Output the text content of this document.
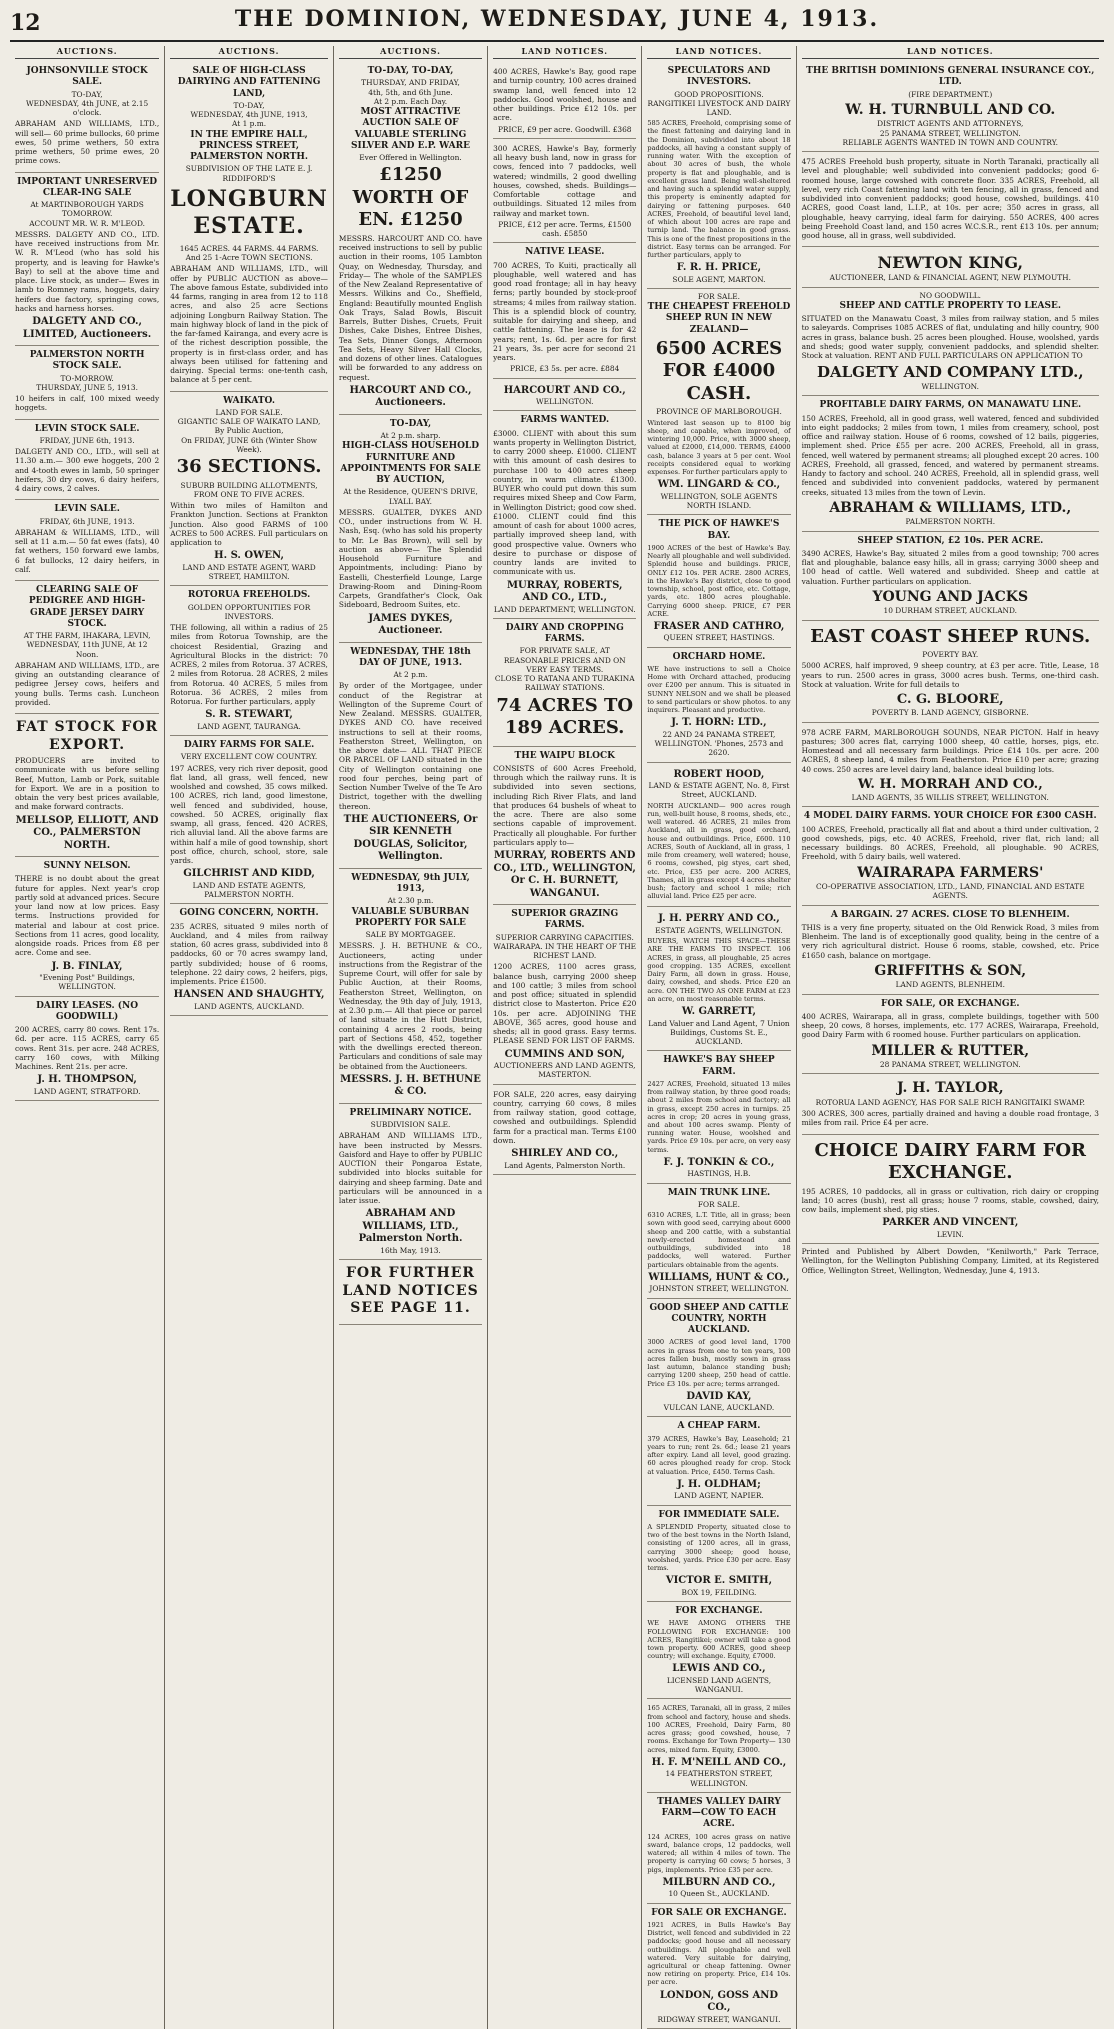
12	THE DOMINION, WEDNESDAY, JUNE 4, 1913.
AUCTIONS.
JOHNSONVILLE STOCK SALE.
TO-DAY,
WEDNESDAY, 4th JUNE, at 2.15 o'clock.

ABRAHAM AND WILLIAMS, LTD., will sell— 60 prime bullocks, 60 prime ewes, 50 prime wethers, 50 extra prime wethers, 50 prime ewes, 20 prime cows.

IMPORTANT UNRESERVED CLEAR-ING SALE
At MARTINBOROUGH YARDS TOMORROW.
ACCOUNT MR. W. R. M'LEOD.

MESSRS. DALGETY AND CO., LTD. have received instructions from Mr. W. R. M'Leod (who has sold his property, and is leaving for Hawke's Bay) to sell at the above time and place. Live stock, as under— Ewes in lamb to Romney rams, hoggets, dairy heifers due factory, springing cows, hacks and harness horses.

DALGETY AND CO., LIMITED, Auctioneers.
PALMERSTON NORTH STOCK SALE.
TO-MORROW.
THURSDAY, JUNE 5, 1913.

10 heifers in calf, 100 mixed weedy hoggets.

LEVIN STOCK SALE.
FRIDAY, JUNE 6th, 1913.

DALGETY AND CO., LTD., will sell at 11.30 a.m.— 300 ewe hoggets, 200 2 and 4-tooth ewes in lamb, 50 springer heifers, 30 dry cows, 6 dairy heifers, 4 dairy cows, 2 calves.

LEVIN SALE.
FRIDAY, 6th JUNE, 1913.

ABRAHAM & WILLIAMS, LTD., will sell at 11 a.m.— 50 fat ewes (fats), 40 fat wethers, 150 forward ewe lambs, 6 fat bullocks, 12 dairy heifers, in calf.

CLEARING SALE OF PEDIGREE AND HIGH-GRADE JERSEY DAIRY STOCK.
AT THE FARM, IHAKARA, LEVIN,
WEDNESDAY, 11th JUNE, At 12 Noon.

ABRAHAM AND WILLIAMS, LTD., are giving an outstanding clearance of pedigree Jersey cows, heifers and young bulls. Terms cash. Luncheon provided.

FAT STOCK FOR EXPORT.

PRODUCERS are invited to communicate with us before selling Beef, Mutton, Lamb or Pork, suitable for Export. We are in a position to obtain the very best prices available, and make forward contracts.

MELLSOP, ELLIOTT, AND CO., PALMERSTON NORTH.
SUNNY NELSON.

THERE is no doubt about the great future for apples. Next year's crop partly sold at advanced prices. Secure your land now at low prices. Easy terms. Instructions provided for material and labour at cost price. Sections from 11 acres, good locality, alongside roads. Prices from £8 per acre. Come and see.

J. B. FINLAY,
"Evening Post" Buildings, WELLINGTON.
DAIRY LEASES. (NO GOODWILL)

200 ACRES, carry 80 cows. Rent 17s. 6d. per acre. 115 ACRES, carry 65 cows. Rent 31s. per acre. 248 ACRES, carry 160 cows, with Milking Machines. Rent 21s. per acre.

J. H. THOMPSON,
LAND AGENT, STRATFORD.
AUCTIONS.
SALE OF HIGH-CLASS DAIRYING AND FATTENING LAND,
TO-DAY,
WEDNESDAY, 4th JUNE, 1913,
At 1 p.m.
IN THE EMPIRE HALL, PRINCESS STREET, PALMERSTON NORTH.
SUBDIVISION OF THE LATE E. J. RIDDIFORD'S
LONGBURN ESTATE.
1645 ACRES. 44 FARMS. 44 FARMS.
And 25 1-Acre TOWN SECTIONS.

ABRAHAM AND WILLIAMS, LTD., will offer by PUBLIC AUCTION as above— The above famous Estate, subdivided into 44 farms, ranging in area from 12 to 118 acres, and also 25 acre Sections adjoining Longburn Railway Station. The main highway block of land in the pick of the far-famed Kairanga, and every acre is of the richest description possible, the property is in first-class order, and has always been utilised for fattening and dairying. Special terms: one-tenth cash, balance at 5 per cent.

WAIKATO.
LAND FOR SALE.
GIGANTIC SALE OF WAIKATO LAND,
By Public Auction,
On FRIDAY, JUNE 6th (Winter Show Week).
36 SECTIONS.
SUBURB BUILDING ALLOTMENTS, FROM ONE TO FIVE ACRES.

Within two miles of Hamilton and Frankton Junction. Sections at Frankton Junction. Also good FARMS of 100 ACRES to 500 ACRES. Full particulars on application to

H. S. OWEN,
LAND AND ESTATE AGENT, WARD STREET, HAMILTON.
ROTORUA FREEHOLDS.
GOLDEN OPPORTUNITIES FOR INVESTORS.

THE following, all within a radius of 25 miles from Rotorua Township, are the choicest Residential, Grazing and Agricultural Blocks in the district: 70 ACRES, 2 miles from Rotorua. 37 ACRES, 2 miles from Rotorua. 28 ACRES, 2 miles from Rotorua. 40 ACRES, 5 miles from Rotorua. 36 ACRES, 2 miles from Rotorua. For further particulars, apply

S. R. STEWART,
LAND AGENT, TAURANGA.
DAIRY FARMS FOR SALE.
VERY EXCELLENT COW COUNTRY.

197 ACRES, very rich river deposit, good flat land, all grass, well fenced, new woolshed and cowshed, 35 cows milked. 100 ACRES, rich land, good limestone, well fenced and subdivided, house, cowshed. 50 ACRES, originally flax swamp, all grass, fenced. 420 ACRES, rich alluvial land. All the above farms are within half a mile of good township, short post office, church, school, store, sale yards.

GILCHRIST AND KIDD,
LAND AND ESTATE AGENTS, PALMERSTON NORTH.
GOING CONCERN, NORTH.

235 ACRES, situated 9 miles north of Auckland, and 4 miles from railway station, 60 acres grass, subdivided into 8 paddocks, 60 or 70 acres swampy land, partly subdivided; house of 6 rooms, telephone. 22 dairy cows, 2 heifers, pigs, implements. Price £1500.

HANSEN AND SHAUGHTY,
LAND AGENTS, AUCKLAND.
AUCTIONS.
TO-DAY, TO-DAY,
THURSDAY, AND FRIDAY,
4th, 5th, and 6th June.
At 2 p.m. Each Day.
MOST ATTRACTIVE AUCTION SALE OF VALUABLE STERLING SILVER AND E.P. WARE
Ever Offered in Wellington.
£1250 WORTH OF EN. £1250

MESSRS. HARCOURT AND CO. have received instructions to sell by public auction in their rooms, 105 Lambton Quay, on Wednesday, Thursday, and Friday— The whole of the SAMPLES of the New Zealand Representative of Messrs. Wilkins and Co., Sheffield, England: Beautifully mounted English Oak Trays, Salad Bowls, Biscuit Barrels, Butter Dishes, Cruets, Fruit Dishes, Cake Dishes, Entree Dishes, Tea Sets, Dinner Gongs, Afternoon Tea Sets, Heavy Silver Hall Clocks, and dozens of other lines. Catalogues will be forwarded to any address on request.

HARCOURT AND CO., Auctioneers.
TO-DAY,
At 2 p.m. sharp.
HIGH-CLASS HOUSEHOLD FURNITURE AND APPOINTMENTS FOR SALE BY AUCTION,
At the Residence, QUEEN'S DRIVE, LYALL BAY.

MESSRS. GUALTER, DYKES AND CO., under instructions from W. H. Nash, Esq. (who has sold his property to Mr. Le Bas Brown), will sell by auction as above— The Splendid Household Furniture and Appointments, including: Piano by Eastelli, Chesterfield Lounge, Large Drawing-Room and Dining-Room Carpets, Grandfather's Clock, Oak Sideboard, Bedroom Suites, etc.

JAMES DYKES, Auctioneer.
WEDNESDAY, THE 18th DAY OF JUNE, 1913.
At 2 p.m.

By order of the Mortgagee, under conduct of the Registrar at Wellington of the Supreme Court of New Zealand. MESSRS. GUALTER, DYKES AND CO. have received instructions to sell at their rooms, Featherston Street, Wellington, on the above date— ALL THAT PIECE OR PARCEL OF LAND situated in the City of Wellington containing one rood four perches, being part of Section Number Twelve of the Te Aro District, together with the dwelling thereon.

THE AUCTIONEERS, Or SIR KENNETH DOUGLAS, Solicitor, Wellington.
WEDNESDAY, 9th JULY, 1913,
At 2.30 p.m.
VALUABLE SUBURBAN PROPERTY FOR SALE
SALE BY MORTGAGEE.

MESSRS. J. H. BETHUNE & CO., Auctioneers, acting under instructions from the Registrar of the Supreme Court, will offer for sale by Public Auction, at their Rooms, Featherston Street, Wellington, on Wednesday, the 9th day of July, 1913, at 2.30 p.m.— All that piece or parcel of land situate in the Hutt District, containing 4 acres 2 roods, being part of Sections 458, 452, together with the dwellings erected thereon. Particulars and conditions of sale may be obtained from the Auctioneers.

MESSRS. J. H. BETHUNE & CO.
PRELIMINARY NOTICE.
SUBDIVISION SALE.

ABRAHAM AND WILLIAMS LTD., have been instructed by Messrs. Gaisford and Haye to offer by PUBLIC AUCTION their Pongaroa Estate, subdivided into blocks suitable for dairying and sheep farming. Date and particulars will be announced in a later issue.

ABRAHAM AND WILLIAMS, LTD., Palmerston North.
16th May, 1913.
FOR FURTHER LAND NOTICES SEE PAGE 11.
LAND NOTICES.

400 ACRES, Hawke's Bay, good rape and turnip country, 100 acres drained swamp land, well fenced into 12 paddocks. Good woolshed, house and other buildings. Price £12 10s. per acre.

PRICE, £9 per acre. Goodwill. £368

300 ACRES, Hawke's Bay, formerly all heavy bush land, now in grass for cows, fenced into 7 paddocks, well watered; windmills, 2 good dwelling houses, cowshed, sheds. Buildings— Comfortable cottage and outbuildings. Situated 12 miles from railway and market town.

PRICE, £12 per acre. Terms, £1500 cash. £5850
NATIVE LEASE.

700 ACRES, To Kuiti, practically all ploughable, well watered and has good road frontage; all in hay heavy ferns; partly bounded by stock-proof streams; 4 miles from railway station. This is a splendid block of country, suitable for dairying and sheep, and cattle fattening. The lease is for 42 years; rent, 1s. 6d. per acre for first 21 years, 3s. per acre for second 21 years.

PRICE, £3 5s. per acre. £884
HARCOURT AND CO.,
WELLINGTON.
FARMS WANTED.

£3000. CLIENT with about this sum wants property in Wellington District, to carry 2000 sheep. £1000. CLIENT with this amount of cash desires to purchase 100 to 400 acres sheep country, in warm climate. £1300. BUYER who could put down this sum requires mixed Sheep and Cow Farm, in Wellington District; good cow shed. £1000. CLIENT could find this amount of cash for about 1000 acres, partially improved sheep land, with good prospective value. Owners who desire to purchase or dispose of country lands are invited to communicate with us.

MURRAY, ROBERTS, AND CO., LTD.,
LAND DEPARTMENT, WELLINGTON.
DAIRY AND CROPPING FARMS.
FOR PRIVATE SALE, AT REASONABLE PRICES AND ON VERY EASY TERMS.
CLOSE TO RATANA AND TURAKINA RAILWAY STATIONS.
74 ACRES TO 189 ACRES.
THE WAIPU BLOCK

CONSISTS of 600 Acres Freehold, through which the railway runs. It is subdivided into seven sections, including Rich River Flats, and land that produces 64 bushels of wheat to the acre. There are also some sections capable of improvement. Practically all ploughable. For further particulars apply to—

MURRAY, ROBERTS AND CO., LTD., WELLINGTON, Or C. H. BURNETT, WANGANUI.
SUPERIOR GRAZING FARMS.
SUPERIOR CARRYING CAPACITIES. WAIRARAPA. IN THE HEART OF THE RICHEST LAND.

1200 ACRES, 1100 acres grass, balance bush, carrying 2000 sheep and 100 cattle; 3 miles from school and post office; situated in splendid district close to Masterton. Price £20 10s. per acre. ADJOINING THE ABOVE, 365 acres, good house and sheds; all in good grass. Easy terms. PLEASE SEND FOR LIST OF FARMS.

CUMMINS AND SON,
AUCTIONEERS AND LAND AGENTS, MASTERTON.

FOR SALE, 220 acres, easy dairying country, carrying 60 cows, 8 miles from railway station, good cottage, cowshed and outbuildings. Splendid farm for a practical man. Terms £100 down.

SHIRLEY AND CO.,
Land Agents, Palmerston North.
LAND NOTICES.
SPECULATORS AND INVESTORS.
GOOD PROPOSITIONS.
RANGITIKEI LIVESTOCK AND DAIRY LAND.

585 ACRES, Freehold, comprising some of the finest fattening and dairying land in the Dominion, subdivided into about 18 paddocks, all having a constant supply of running water. With the exception of about 30 acres of bush, the whole property is flat and ploughable, and is excellent grass land. Being well-sheltered and having such a splendid water supply, this property is eminently adapted for dairying or fattening purposes. 640 ACRES, Freehold, of beautiful level land, of which about 100 acres are rape and turnip land. The balance in good grass. This is one of the finest propositions in the district. Easy terms can be arranged. For further particulars, apply to

F. R. H. PRICE,
SOLE AGENT, MARTON.
FOR SALE.
THE CHEAPEST FREEHOLD SHEEP RUN IN NEW ZEALAND—
6500 ACRES FOR £4000 CASH.
PROVINCE OF MARLBOROUGH.

Wintered last season up to 8100 big sheep, and capable, when improved, of wintering 10,000. Price, with 3000 sheep, valued at £2000, £14,000. TERMS, £4000 cash, balance 3 years at 5 per cent. Wool receipts considered equal to working expenses. For further particulars apply to

WM. LINGARD & CO.,
WELLINGTON, SOLE AGENTS NORTH ISLAND.
THE PICK OF HAWKE'S BAY.

1900 ACRES of the best of Hawke's Bay. Nearly all ploughable and well subdivided. Splendid house and buildings. PRICE, ONLY £12 10s. PER ACRE. 2800 ACRES, in the Hawke's Bay district, close to good township, school, post office, etc. Cottage, yards, etc. 1800 acres ploughable. Carrying 6000 sheep. PRICE, £7 PER ACRE.

FRASER AND CATHRO,
QUEEN STREET, HASTINGS.
ORCHARD HOME.

WE have instructions to sell a Choice Home with Orchard attached, producing over £200 per annum. This is situated in SUNNY NELSON and we shall be pleased to send particulars or show photos. to any inquirers. Pleasant and productive.

J. T. HORN: LTD.,
22 AND 24 PANAMA STREET, WELLINGTON. 'Phones, 2573 and 2620.
ROBERT HOOD,
LAND & ESTATE AGENT, No. 8, First Street, AUCKLAND.

NORTH AUCKLAND— 900 acres rough run, well-built house, 8 rooms, sheds, etc., well watered. 46 ACRES, 21 miles from Auckland, all in grass, good orchard, house and outbuildings. Price, £600. 110 ACRES, South of Auckland, all in grass, 1 mile from creamery, well watered; house, 6 rooms, cowshed, pig styes, cart shed, etc. Price, £35 per acre. 200 ACRES, Thames, all in grass except 4 acres shelter bush; factory and school 1 mile; rich alluvial land. Price £25 per acre.

J. H. PERRY AND CO.,
ESTATE AGENTS, WELLINGTON.

BUYERS, WATCH THIS SPACE—THESE ARE THE FARMS TO INSPECT. 106 ACRES, in grass, all ploughable, 25 acres good cropping. 135 ACRES, excellent Dairy Farm, all down in grass. House, dairy, cowshed, and sheds. Price £20 an acre. ON THE TWO AS ONE FARM at £23 an acre, on most reasonable terms.

W. GARRETT,
Land Valuer and Land Agent, 7 Union Buildings, Customs St. E., AUCKLAND.
HAWKE'S BAY SHEEP FARM.

2427 ACRES, Freehold, situated 13 miles from railway station, by three good roads; about 2 miles from school and factory; all in grass, except 250 acres in turnips. 25 acres in crop; 20 acres in young grass, and about 100 acres swamp. Plenty of running water. House, woolshed and yards. Price £9 10s. per acre, on very easy terms.

F. J. TONKIN & CO.,
HASTINGS, H.B.
MAIN TRUNK LINE.
FOR SALE.

6310 ACRES, L.T. Title, all in grass; been sown with good seed, carrying about 6000 sheep and 200 cattle, with a substantial newly-erected homestead and outbuildings, subdivided into 18 paddocks, well watered. Further particulars obtainable from the agents.

WILLIAMS, HUNT & CO.,
JOHNSTON STREET, WELLINGTON.
GOOD SHEEP AND CATTLE COUNTRY, NORTH AUCKLAND.

3000 ACRES of good level land, 1700 acres in grass from one to ten years, 100 acres fallen bush, mostly sown in grass last autumn, balance standing bush; carrying 1200 sheep, 250 head of cattle. Price £3 10s. per acre; terms arranged.

DAVID KAY,
VULCAN LANE, AUCKLAND.
A CHEAP FARM.

379 ACRES, Hawke's Bay, Leasehold; 21 years to run; rent 2s. 6d.; lease 21 years after expiry. Land all level, good grazing. 60 acres ploughed ready for crop. Stock at valuation. Price, £450. Terms Cash.

J. H. OLDHAM;
LAND AGENT, NAPIER.
FOR IMMEDIATE SALE.

A SPLENDID Property, situated close to two of the best towns in the North Island, consisting of 1200 acres, all in grass, carrying 3000 sheep; good house, woolshed, yards. Price £30 per acre. Easy terms.

VICTOR E. SMITH,
BOX 19, FEILDING.
FOR EXCHANGE.

WE HAVE AMONG OTHERS THE FOLLOWING FOR EXCHANGE: 100 ACRES, Rangitikei; owner will take a good town property. 600 ACRES, good sheep country; will exchange. Equity, £7000.

LEWIS AND CO.,
LICENSED LAND AGENTS, WANGANUI.

165 ACRES, Taranaki, all in grass, 2 miles from school and factory, house and sheds. 100 ACRES, Freehold, Dairy Farm, 80 acres grass; good cowshed, house, 7 rooms. Exchange for Town Property— 130 acres, mixed farm. Equity, £3000.

H. F. M'NEILL AND CO.,
14 FEATHERSTON STREET, WELLINGTON.
THAMES VALLEY DAIRY FARM—COW TO EACH ACRE.

124 ACRES, 100 acres grass on native sward, balance crops, 12 paddocks, well watered; all within 4 miles of town. The property is carrying 60 cows; 5 horses, 3 pigs, implements. Price £35 per acre.

MILBURN AND CO.,
10 Queen St., AUCKLAND.
FOR SALE OR EXCHANGE.

1921 ACRES, in Bulls Hawke's Bay District, well fenced and subdivided in 22 paddocks; good house and all necessary outbuildings. All ploughable and well watered. Very suitable for dairying, agricultural or cheap fattening. Owner now retiring on property. Price, £14 10s. per acre.

LONDON, GOSS AND CO.,
RIDGWAY STREET, WANGANUI.
LAND NOTICES.
THE BRITISH DOMINIONS GENERAL INSURANCE COY., LTD.
(FIRE DEPARTMENT.)
W. H. TURNBULL AND CO.
DISTRICT AGENTS AND ATTORNEYS,
25 PANAMA STREET, WELLINGTON.
RELIABLE AGENTS WANTED IN TOWN AND COUNTRY.

475 ACRES Freehold bush property, situate in North Taranaki, practically all level and ploughable; well subdivided into convenient paddocks; good 6-roomed house, large cowshed with concrete floor. 335 ACRES, Freehold, all level, very rich Coast fattening land with ten fencing, all in grass, fenced and subdivided into convenient paddocks; good house, cowshed, buildings. 410 ACRES, good Coast land, L.I.P., at 10s. per acre; 350 acres in grass, all ploughable, heavy carrying, ideal farm for dairying. 550 ACRES, 400 acres being Freehold Coast land, and 150 acres W.C.S.R., rent £13 10s. per annum; good house, all in grass, well subdivided.

NEWTON KING,
AUCTIONEER, LAND & FINANCIAL AGENT, NEW PLYMOUTH.
NO GOODWILL.
SHEEP AND CATTLE PROPERTY TO LEASE.

SITUATED on the Manawatu Coast, 3 miles from railway station, and 5 miles to saleyards. Comprises 1085 ACRES of flat, undulating and hilly country, 900 acres in grass, balance bush. 25 acres been ploughed. House, woolshed, yards and sheds; good water supply, convenient paddocks, and splendid shelter. Stock at valuation. RENT AND FULL PARTICULARS ON APPLICATION TO

DALGETY AND COMPANY LTD.,
WELLINGTON.
PROFITABLE DAIRY FARMS, ON MANAWATU LINE.

150 ACRES, Freehold, all in good grass, well watered, fenced and subdivided into eight paddocks; 2 miles from town, 1 miles from creamery, school, post office and railway station. House of 6 rooms, cowshed of 12 bails, piggeries, implement shed. Price £55 per acre. 200 ACRES, Freehold, all in grass, fenced, well watered by permanent streams; all ploughed except 20 acres. 100 ACRES, Freehold, all grassed, fenced, and watered by permanent streams. Handy to factory and school. 240 ACRES, Freehold, all in splendid grass, well fenced and subdivided into convenient paddocks, watered by permanent creeks, situated 13 miles from the town of Levin.

ABRAHAM & WILLIAMS, LTD.,
PALMERSTON NORTH.
SHEEP STATION, £2 10s. PER ACRE.

3490 ACRES, Hawke's Bay, situated 2 miles from a good township; 700 acres flat and ploughable, balance easy hills, all in grass; carrying 3000 sheep and 100 head of cattle. Well watered and subdivided. Sheep and cattle at valuation. Further particulars on application.

YOUNG AND JACKS
10 DURHAM STREET, AUCKLAND.
EAST COAST SHEEP RUNS.
POVERTY BAY.

5000 ACRES, half improved, 9 sheep country, at £3 per acre. Title, Lease, 18 years to run. 2500 acres in grass, 3000 acres bush. Terms, one-third cash. Stock at valuation. Write for full details to

C. G. BLOORE,
POVERTY B. LAND AGENCY, GISBORNE.

978 ACRE FARM, MARLBOROUGH SOUNDS, NEAR PICTON. Half in heavy pastures; 300 acres flat, carrying 1000 sheep, 40 cattle, horses, pigs, etc. Homestead and all necessary farm buildings. Price £14 10s. per acre. 200 ACRES, 8 sheep land, 4 miles from Featherston. Price £10 per acre; grazing 40 cows. 250 acres are level dairy land, balance ideal building lots.

W. H. MORRAH AND CO.,
LAND AGENTS, 35 WILLIS STREET, WELLINGTON.
4 MODEL DAIRY FARMS. YOUR CHOICE FOR £300 CASH.

100 ACRES, Freehold, practically all flat and about a third under cultivation, 2 good cowsheds, pigs, etc. 40 ACRES, Freehold, river flat, rich land; all necessary buildings. 80 ACRES, Freehold, all ploughable. 90 ACRES, Freehold, with 5 dairy bails, well watered.

WAIRARAPA FARMERS'
CO-OPERATIVE ASSOCIATION, LTD., LAND, FINANCIAL AND ESTATE AGENTS.
A BARGAIN. 27 ACRES. CLOSE TO BLENHEIM.

THIS is a very fine property, situated on the Old Renwick Road, 3 miles from Blenheim. The land is of exceptionally good quality, being in the centre of a very rich agricultural district. House 6 rooms, stable, cowshed, etc. Price £1650 cash, balance on mortgage.

GRIFFITHS & SON,
LAND AGENTS, BLENHEIM.
FOR SALE, OR EXCHANGE.

400 ACRES, Wairarapa, all in grass, complete buildings, together with 500 sheep, 20 cows, 8 horses, implements, etc. 177 ACRES, Wairarapa, Freehold, good Dairy Farm with 6 roomed house. Further particulars on application.

MILLER & RUTTER,
28 PANAMA STREET, WELLINGTON.
J. H. TAYLOR,
ROTORUA LAND AGENCY, HAS FOR SALE RICH RANGITAIKI SWAMP.

300 ACRES, 300 acres, partially drained and having a double road frontage, 3 miles from rail. Price £4 per acre.

CHOICE DAIRY FARM FOR EXCHANGE.

195 ACRES, 10 paddocks, all in grass or cultivation, rich dairy or cropping land; 10 acres (bush), rest all grass; house 7 rooms, stable, cowshed, dairy, cow bails, implement shed, pig sties.

PARKER AND VINCENT,
LEVIN.

Printed and Published by Albert Dowden, "Kenilworth," Park Terrace, Wellington, for the Wellington Publishing Company, Limited, at its Registered Office, Wellington Street, Wellington, Wednesday, June 4, 1913.
